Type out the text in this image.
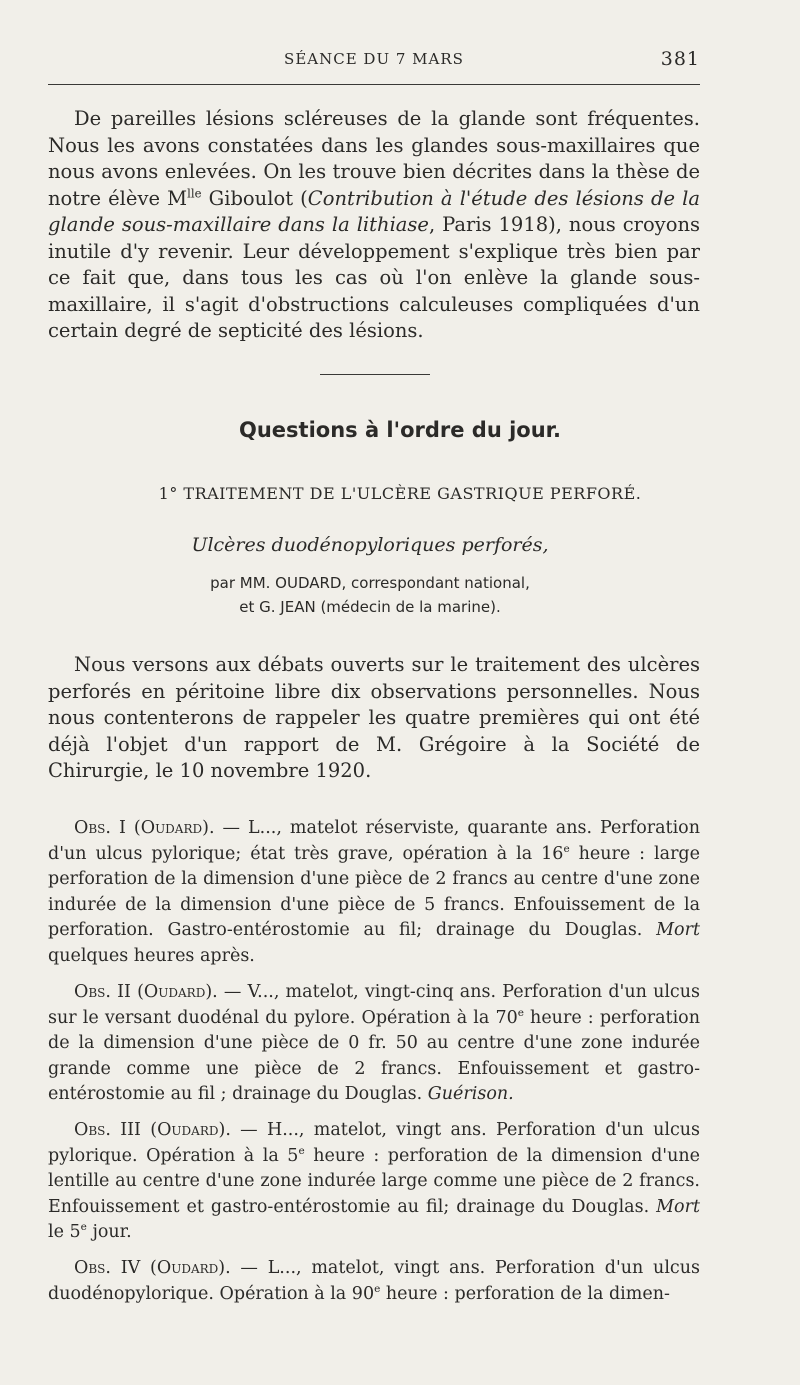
SÉANCE DU 7 MARS	381

De pareilles lésions scléreuses de la glande sont fréquentes. Nous les avons constatées dans les glandes sous-maxillaires que nous avons enlevées. On les trouve bien décrites dans la thèse de notre élève $M^{lle}$ Giboulot (Contribution à l'étude des lésions de la glande sous-maxillaire dans la lithiase, Paris 1918), nous croyons inutile d'y revenir. Leur développement s'explique très bien par ce fait que, dans tous les cas où l'on enlève la glande sous-maxillaire, il s'agit d'obstructions calculeuses compliquées d'un certain degré de septicité des lésions.

Questions à l'ordre du jour.
1° TRAITEMENT DE L'ULCÈRE GASTRIQUE PERFORÉ.
Ulcères duodénopyloriques perforés,
par MM. OUDARD, correspondant national,
et G. JEAN (médecin de la marine).

Nous versons aux débats ouverts sur le traitement des ulcères perforés en péritoine libre dix observations personnelles. Nous nous contenterons de rappeler les quatre premières qui ont été déjà l'objet d'un rapport de M. Grégoire à la Société de Chirurgie, le 10 novembre 1920.

Obs. I (Oudard). — L..., matelot réserviste, quarante ans. Perforation d'un ulcus pylorique; état très grave, opération à la 16e heure : large perforation de la dimension d'une pièce de 2 francs au centre d'une zone indurée de la dimension d'une pièce de 5 francs. Enfouissement de la perforation. Gastro-entérostomie au fil; drainage du Douglas. Mort quelques heures après.

Obs. II (Oudard). — V..., matelot, vingt-cinq ans. Perforation d'un ulcus sur le versant duodénal du pylore. Opération à la 70e heure : perforation de la dimension d'une pièce de 0 fr. 50 au centre d'une zone indurée grande comme une pièce de 2 francs. Enfouissement et gastro-entérostomie au fil ; drainage du Douglas. Guérison.

Obs. III (Oudard). — H..., matelot, vingt ans. Perforation d'un ulcus pylorique. Opération à la 5e heure : perforation de la dimension d'une lentille au centre d'une zone indurée large comme une pièce de 2 francs. Enfouissement et gastro-entérostomie au fil; drainage du Douglas. Mort le 5e jour.

Obs. IV (Oudard). — L..., matelot, vingt ans. Perforation d'un ulcus duodénopylorique. Opération à la 90e heure : perforation de la dimen-
